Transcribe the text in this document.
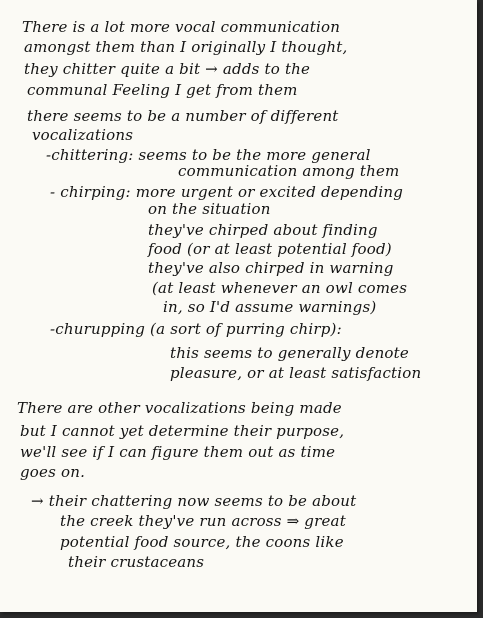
There is a lot more vocal communication
amongst them than I originally I thought,
they chitter quite a bit → adds to the
communal Feeling I get from them
there seems to be a number of different
vocalizations
-chittering: seems to be the more general
communication among them
- chirping: more urgent or excited depending
on the situation
they've chirped about finding
food (or at least potential food)
they've also chirped in warning
(at least whenever an owl comes
in, so I'd assume warnings)
-churupping (a sort of purring chirp):
this seems to generally denote
pleasure, or at least satisfaction
There are other vocalizations being made
but I cannot yet determine their purpose,
we'll see if I can figure them out as time
goes on.
→ their chattering now seems to be about
the creek they've run across ⇒ great
potential food source, the coons like
their crustaceans
